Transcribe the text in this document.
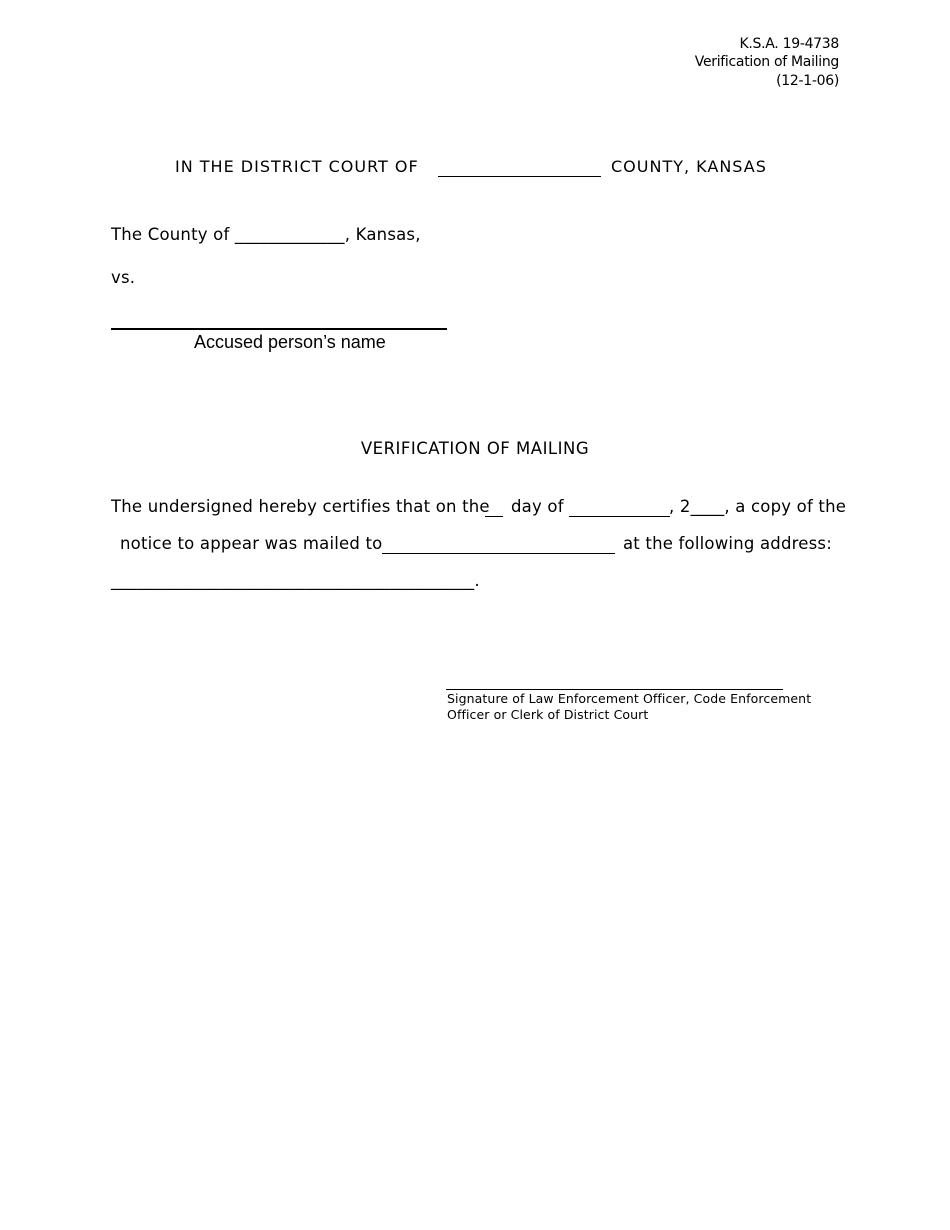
K.S.A. 19-4738
Verification of Mailing
(12-1-06)
IN THE DISTRICT COURT OF	COUNTY, KANSAS
The County of _____________, Kansas,
vs.
Accused person’s name
VERIFICATION OF MAILING
The undersigned hereby certifies that on the day of	, 2____, a copy of the
notice to appear was mailed to	at the following address:
___________________________________________.
Signature of Law Enforcement Officer, Code Enforcement
Officer or Clerk of District Court
